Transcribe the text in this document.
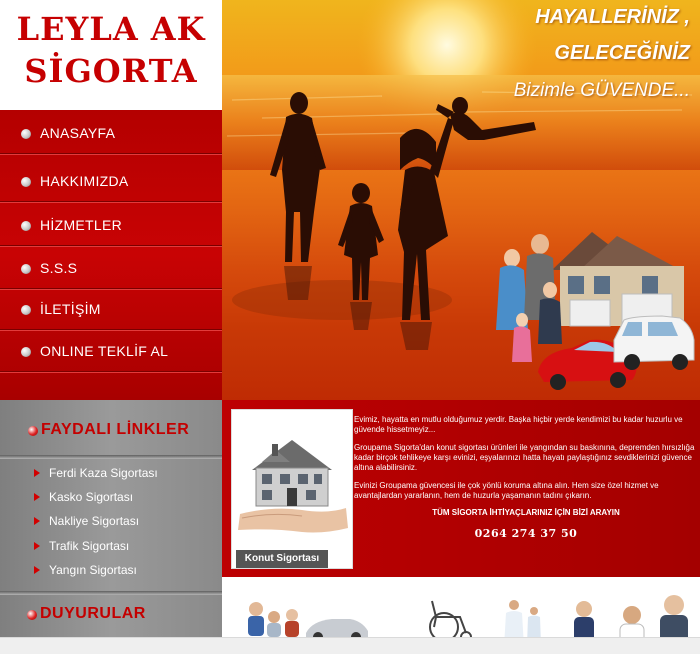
LEYLA AK
SİGORTA
ANASAYFA
HAKKIMIZDA
HİZMETLER
S.S.S
İLETİŞİM
ONLINE TEKLİF AL
FAYDALI LİNKLER
Ferdi Kaza Sigortası
Kasko Sigortası
Nakliye Sigortası
Trafik Sigortası
Yangın Sigortası
DUYURULAR
HAYALLERİNİZ ,
GELECEĞİNİZ
Bizimle GÜVENDE...
Konut Sigortası

Evimiz, hayatta en mutlu olduğumuz yerdir. Başka hiçbir yerde kendimizi bu kadar huzurlu ve güvende hissetmeyiz...

Groupama Sigorta'dan konut sigortası ürünleri ile yangından su baskınına, depremden hırsızlığa kadar birçok tehlikeye karşı evinizi, eşyalarınızı hatta hayatı paylaştığınız sevdiklerinizi güvence altına alabilirsiniz.

Evinizi Groupama güvencesi ile çok yönlü koruma altına alın. Hem size özel hizmet ve avantajlardan yararlanın, hem de huzurla yaşamanın tadını çıkarın.

TÜM SİGORTA İHTİYAÇLARINIZ İÇİN BİZİ ARAYIN
0264 274 37 50
